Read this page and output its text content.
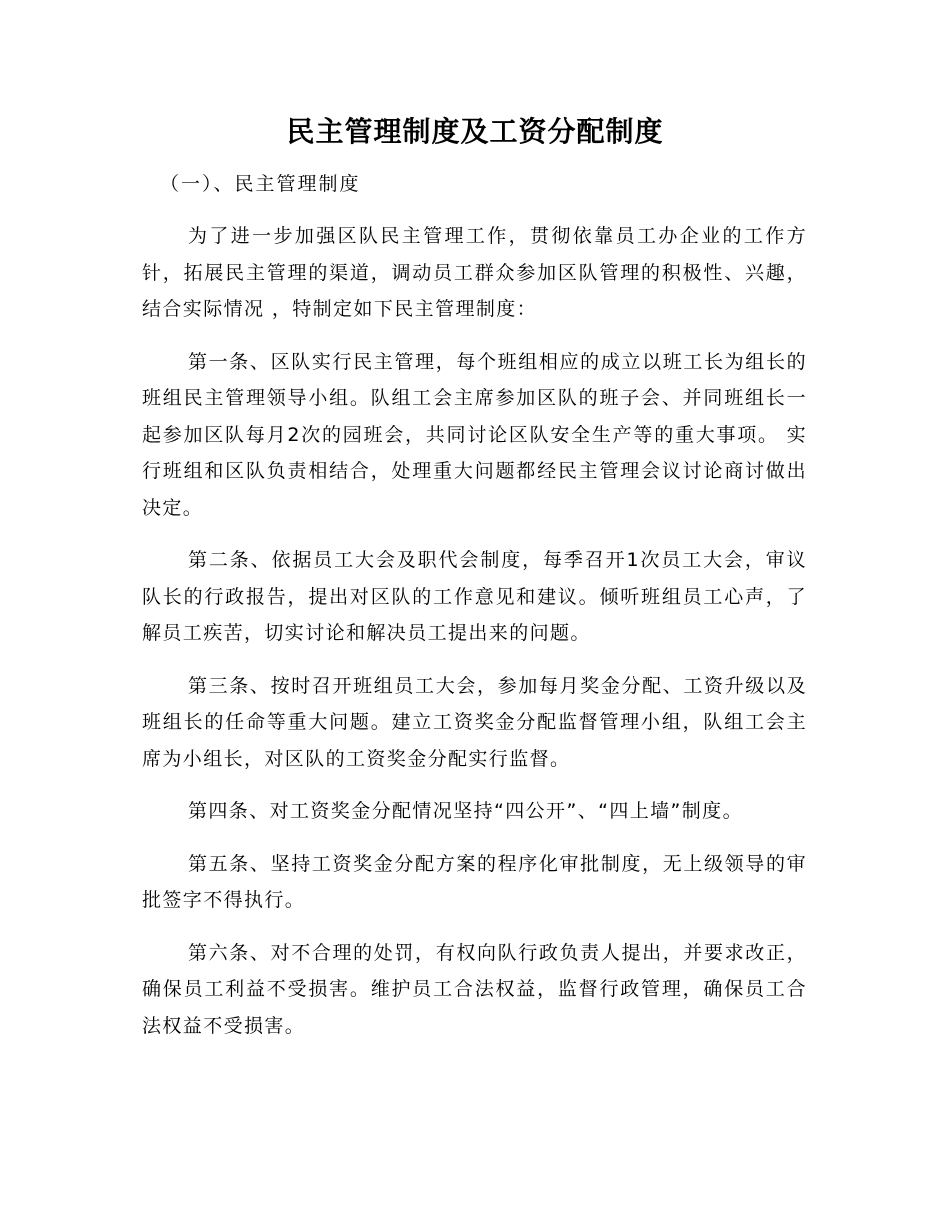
民主管理制度及工资分配制度
（一）、民主管理制度

为了进一步加强区队民主管理工作，贯彻依靠员工办企业的工作方针，拓展民主管理的渠道，调动员工群众参加区队管理的积极性、兴趣，结合实际情况 ，特制定如下民主管理制度：

第一条、区队实行民主管理，每个班组相应的成立以班工长为组长的班组民主管理领导小组。队组工会主席参加区队的班子会、并同班组长一起参加区队每月2次的园班会，共同讨论区队安全生产等的重大事项。 实行班组和区队负责相结合，处理重大问题都经民主管理会议讨论商讨做出决定。

第二条、依据员工大会及职代会制度，每季召开1次员工大会，审议队长的行政报告，提出对区队的工作意见和建议。倾听班组员工心声，了解员工疾苦，切实讨论和解决员工提出来的问题。

第三条、按时召开班组员工大会，参加每月奖金分配、工资升级以及班组长的任命等重大问题。建立工资奖金分配监督管理小组，队组工会主席为小组长，对区队的工资奖金分配实行监督。

第四条、对工资奖金分配情况坚持“四公开”、“四上墙”制度。

第五条、坚持工资奖金分配方案的程序化审批制度，无上级领导的审批签字不得执行。

第六条、对不合理的处罚，有权向队行政负责人提出，并要求改正，确保员工利益不受损害。维护员工合法权益，监督行政管理，确保员工合法权益不受损害。
